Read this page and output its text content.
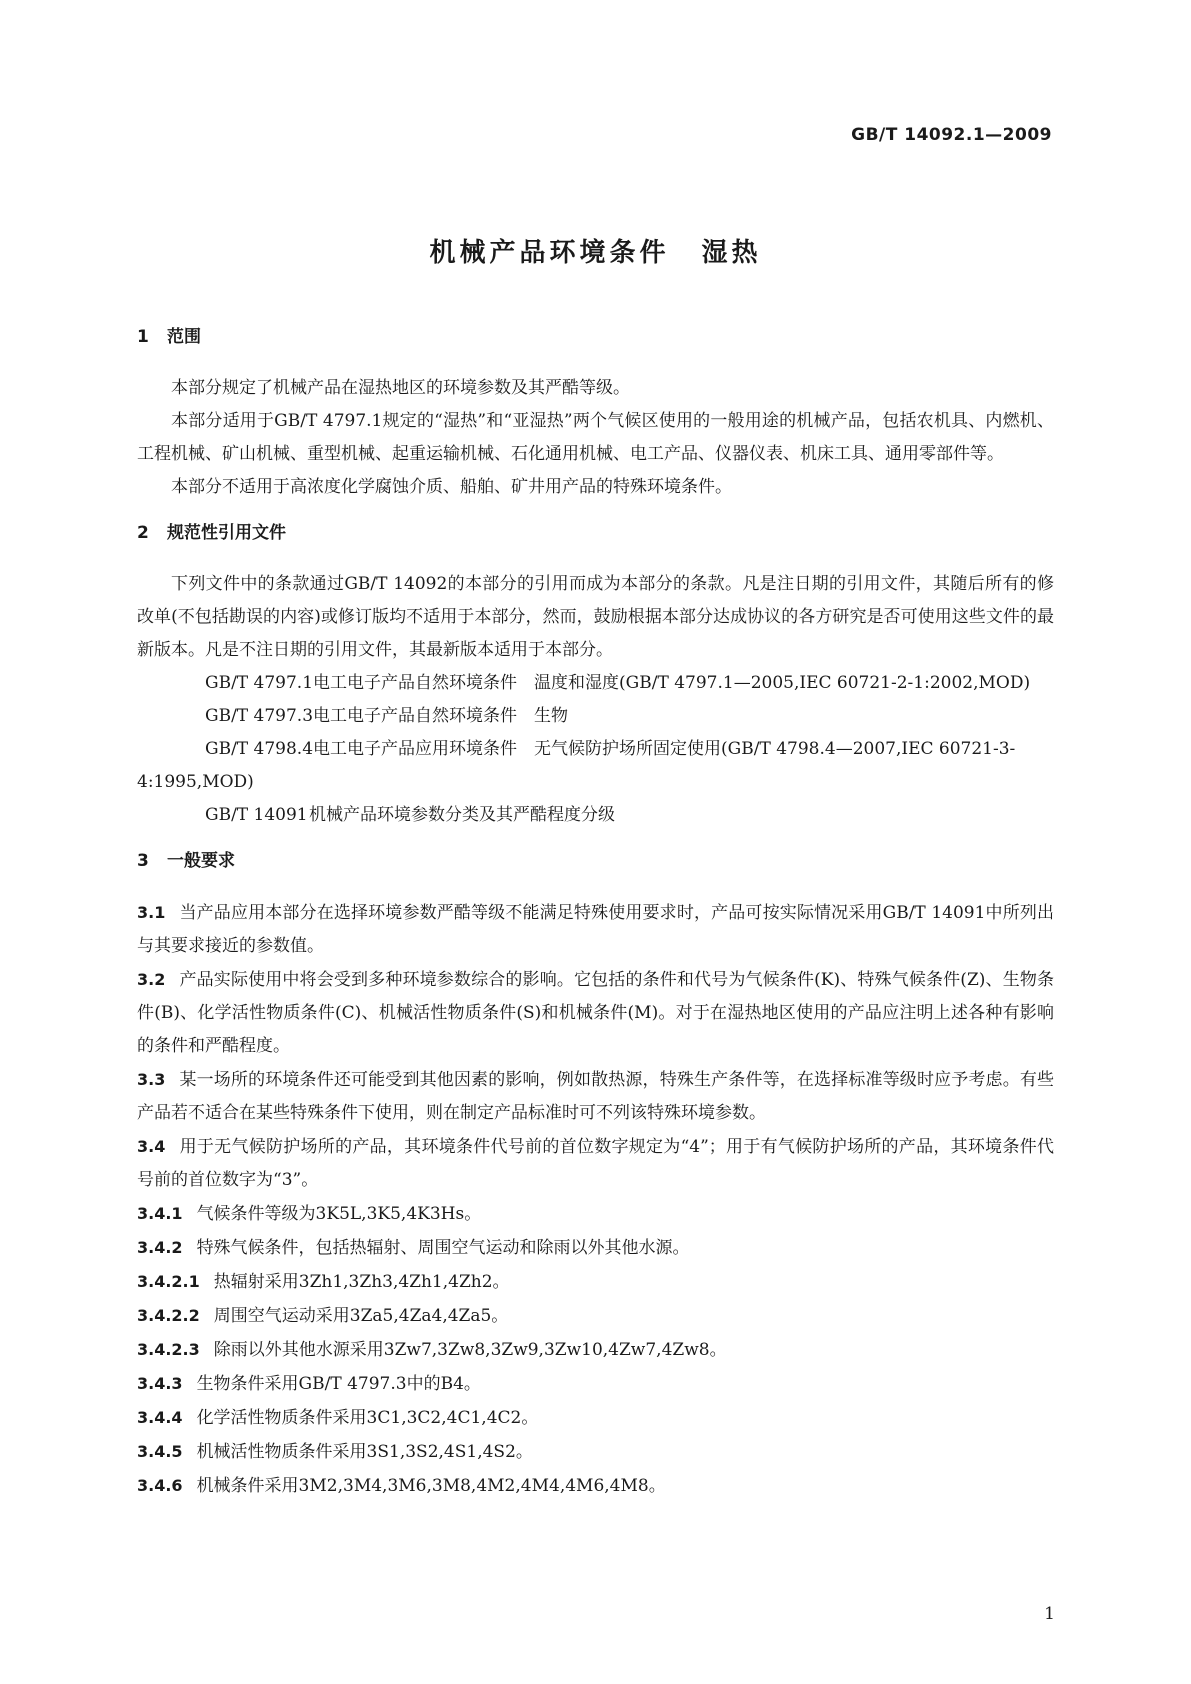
GB/T 14092.1—2009
机械产品环境条件 湿热
1 范围

本部分规定了机械产品在湿热地区的环境参数及其严酷等级。

本部分适用于GB/T 4797.1规定的“湿热”和“亚湿热”两个气候区使用的一般用途的机械产品，包括农机具、内燃机、工程机械、矿山机械、重型机械、起重运输机械、石化通用机械、电工产品、仪器仪表、机床工具、通用零部件等。

本部分不适用于高浓度化学腐蚀介质、船舶、矿井用产品的特殊环境条件。

2 规范性引用文件

下列文件中的条款通过GB/T 14092的本部分的引用而成为本部分的条款。凡是注日期的引用文件，其随后所有的修改单(不包括勘误的内容)或修订版均不适用于本部分，然而，鼓励根据本部分达成协议的各方研究是否可使用这些文件的最新版本。凡是不注日期的引用文件，其最新版本适用于本部分。

GB/T 4797.1电工电子产品自然环境条件　温度和湿度(GB/T 4797.1—2005,IEC 60721-2-1:2002,MOD)

GB/T 4797.3电工电子产品自然环境条件　生物

GB/T 4798.4电工电子产品应用环境条件　无气候防护场所固定使用(GB/T 4798.4—2007,IEC 60721-3-4:1995,MOD)

GB/T 14091机械产品环境参数分类及其严酷程度分级

3 一般要求

3.1 当产品应用本部分在选择环境参数严酷等级不能满足特殊使用要求时，产品可按实际情况采用GB/T 14091中所列出与其要求接近的参数值。

3.2 产品实际使用中将会受到多种环境参数综合的影响。它包括的条件和代号为气候条件(K)、特殊气候条件(Z)、生物条件(B)、化学活性物质条件(C)、机械活性物质条件(S)和机械条件(M)。对于在湿热地区使用的产品应注明上述各种有影响的条件和严酷程度。

3.3 某一场所的环境条件还可能受到其他因素的影响，例如散热源，特殊生产条件等，在选择标准等级时应予考虑。有些产品若不适合在某些特殊条件下使用，则在制定产品标准时可不列该特殊环境参数。

3.4 用于无气候防护场所的产品，其环境条件代号前的首位数字规定为“4”；用于有气候防护场所的产品，其环境条件代号前的首位数字为“3”。

3.4.1 气候条件等级为3K5L,3K5,4K3Hs。

3.4.2 特殊气候条件，包括热辐射、周围空气运动和除雨以外其他水源。

3.4.2.1 热辐射采用3Zh1,3Zh3,4Zh1,4Zh2。

3.4.2.2 周围空气运动采用3Za5,4Za4,4Za5。

3.4.2.3 除雨以外其他水源采用3Zw7,3Zw8,3Zw9,3Zw10,4Zw7,4Zw8。

3.4.3 生物条件采用GB/T 4797.3中的B4。

3.4.4 化学活性物质条件采用3C1,3C2,4C1,4C2。

3.4.5 机械活性物质条件采用3S1,3S2,4S1,4S2。

3.4.6 机械条件采用3M2,3M4,3M6,3M8,4M2,4M4,4M6,4M8。

1
